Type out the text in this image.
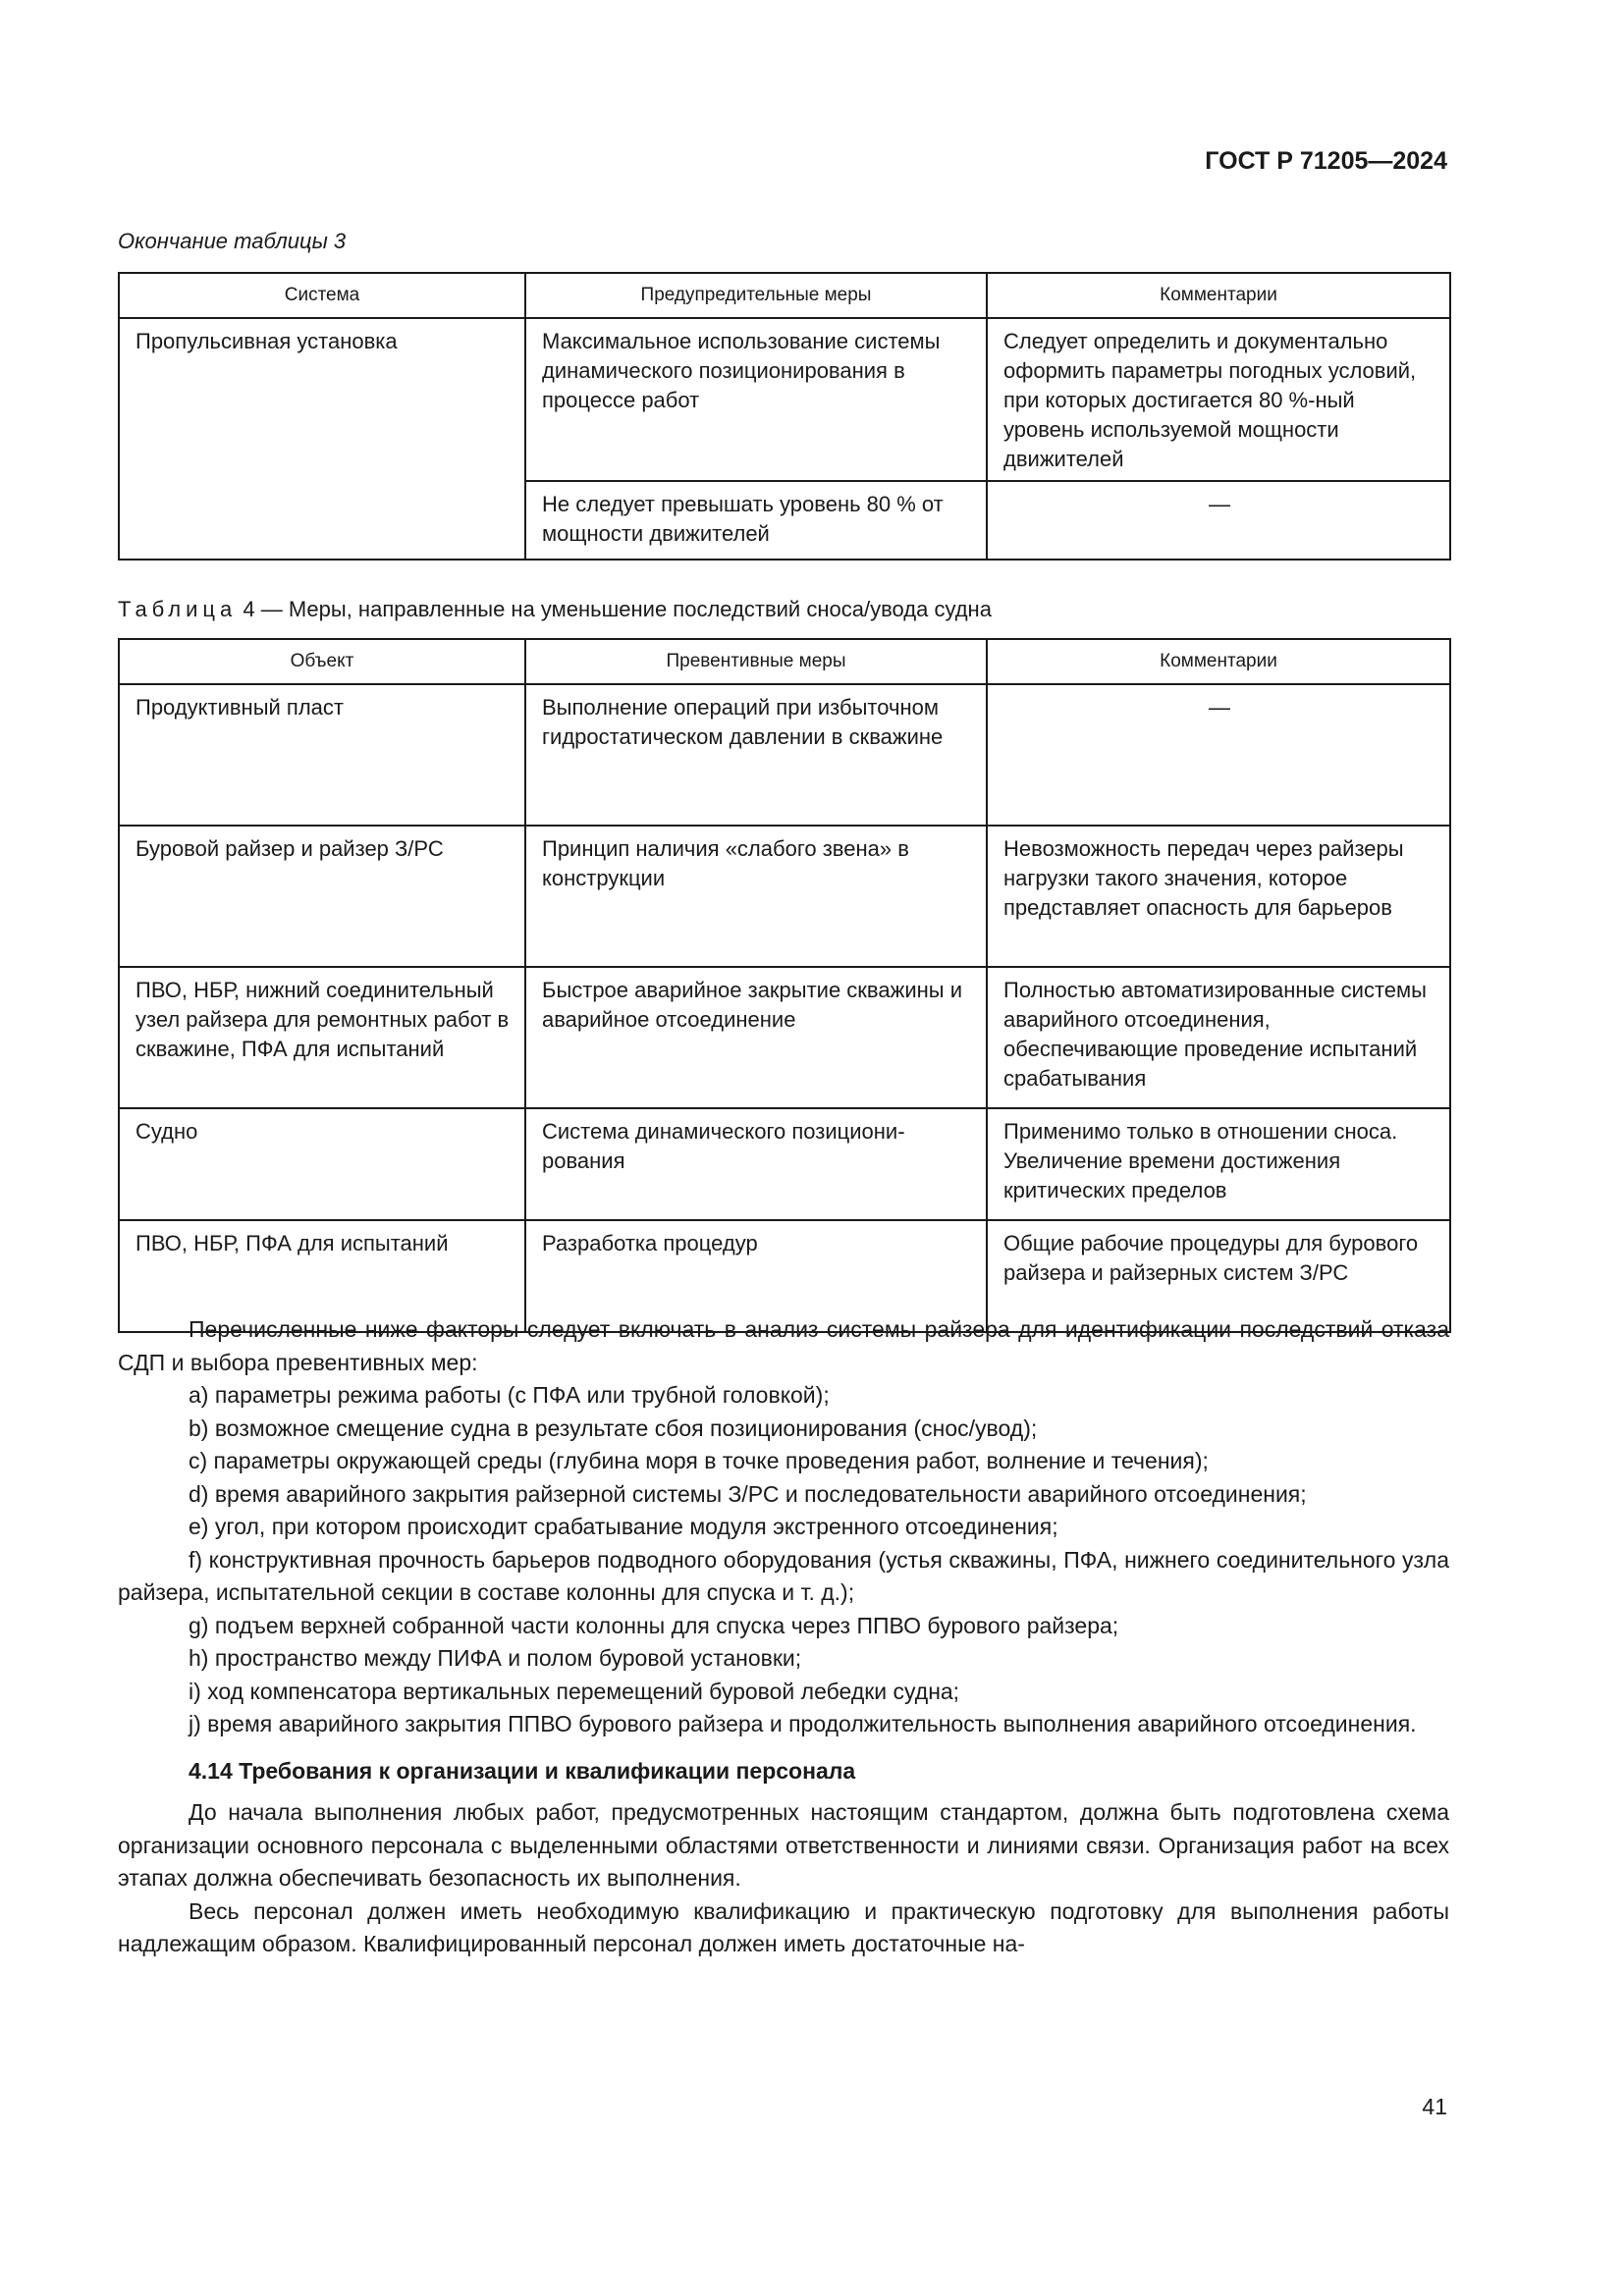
ГОСТ Р 71205—2024
Окончание таблицы 3
Система	Предупредительные меры	Комментарии
Пропульсивная установка	Максимальное использование системы динамического позиционирования в процессе работ	Следует определить и документально оформить параметры погодных условий, при которых достигается 80 %-ный уровень используемой мощности движителей
	Не следует превышать уровень 80 % от мощности движителей	—
Таблица 4 — Меры, направленные на уменьшение последствий сноса/увода судна
Объект	Превентивные меры	Комментарии
Продуктивный пласт	Выполнение операций при избыточном гидростатическом давлении в скважине	—
Буровой райзер и райзер З/РС	Принцип наличия «слабого звена» в конструкции	Невозможность передач через райзеры нагрузки такого значения, которое представляет опасность для барьеров
ПВО, НБР, нижний соединительный узел райзера для ремонтных работ в скважине, ПФА для испытаний	Быстрое аварийное закрытие скважины и аварийное отсоединение	Полностью автоматизированные системы аварийного отсоединения, обеспечивающие проведение испытаний срабатывания
Судно	Система динамического позиционирования	Применимо только в отношении сноса. Увеличение времени достижения критических пределов
ПВО, НБР, ПФА для испытаний	Разработка процедур	Общие рабочие процедуры для бурового райзера и райзерных систем З/РС

Перечисленные ниже факторы следует включать в анализ системы райзера для идентификации последствий отказа СДП и выбора превентивных мер:

a) параметры режима работы (с ПФА или трубной головкой);

b) возможное смещение судна в результате сбоя позиционирования (снос/увод);

c) параметры окружающей среды (глубина моря в точке проведения работ, волнение и течения);

d) время аварийного закрытия райзерной системы З/РС и последовательности аварийного отсоединения;

e) угол, при котором происходит срабатывание модуля экстренного отсоединения;

f) конструктивная прочность барьеров подводного оборудования (устья скважины, ПФА, нижнего соединительного узла райзера, испытательной секции в составе колонны для спуска и т. д.);

g) подъем верхней собранной части колонны для спуска через ППВО бурового райзера;

h) пространство между ПИФА и полом буровой установки;

i) ход компенсатора вертикальных перемещений буровой лебедки судна;

j) время аварийного закрытия ППВО бурового райзера и продолжительность выполнения аварийного отсоединения.

4.14 Требования к организации и квалификации персонала

До начала выполнения любых работ, предусмотренных настоящим стандартом, должна быть подготовлена схема организации основного персонала с выделенными областями ответственности и линиями связи. Организация работ на всех этапах должна обеспечивать безопасность их выполнения.

Весь персонал должен иметь необходимую квалификацию и практическую подготовку для выполнения работы надлежащим образом. Квалифицированный персонал должен иметь достаточные на-

41
